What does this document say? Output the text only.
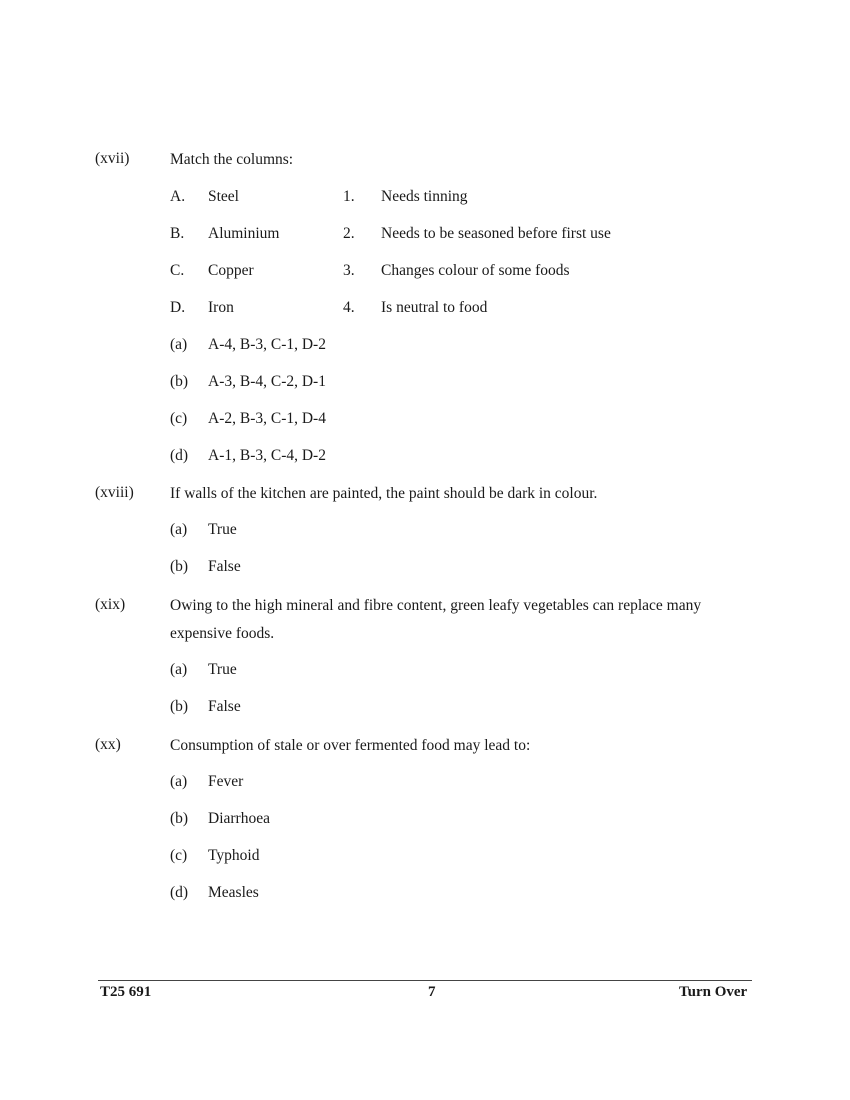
(xvii)	Match the columns:
A. Steel	1. Needs tinning
B. Aluminium	2. Needs to be seasoned before first use
C. Copper	3. Changes colour of some foods
D. Iron	4. Is neutral to food
(a) A-4, B-3, C-1, D-2
(b) A-3, B-4, C-2, D-1
(c) A-2, B-3, C-1, D-4
(d) A-1, B-3, C-4, D-2
(xviii) If walls of the kitchen are painted, the paint should be dark in colour.
(a) True
(b) False
(xix)	Owing to the high mineral and fibre content, green leafy vegetables can replace many expensive foods.
(a) True
(b) False
(xx)	Consumption of stale or over fermented food may lead to:
(a) Fever
(b) Diarrhoea
(c) Typhoid
(d) Measles
T25 691	7	Turn Over
